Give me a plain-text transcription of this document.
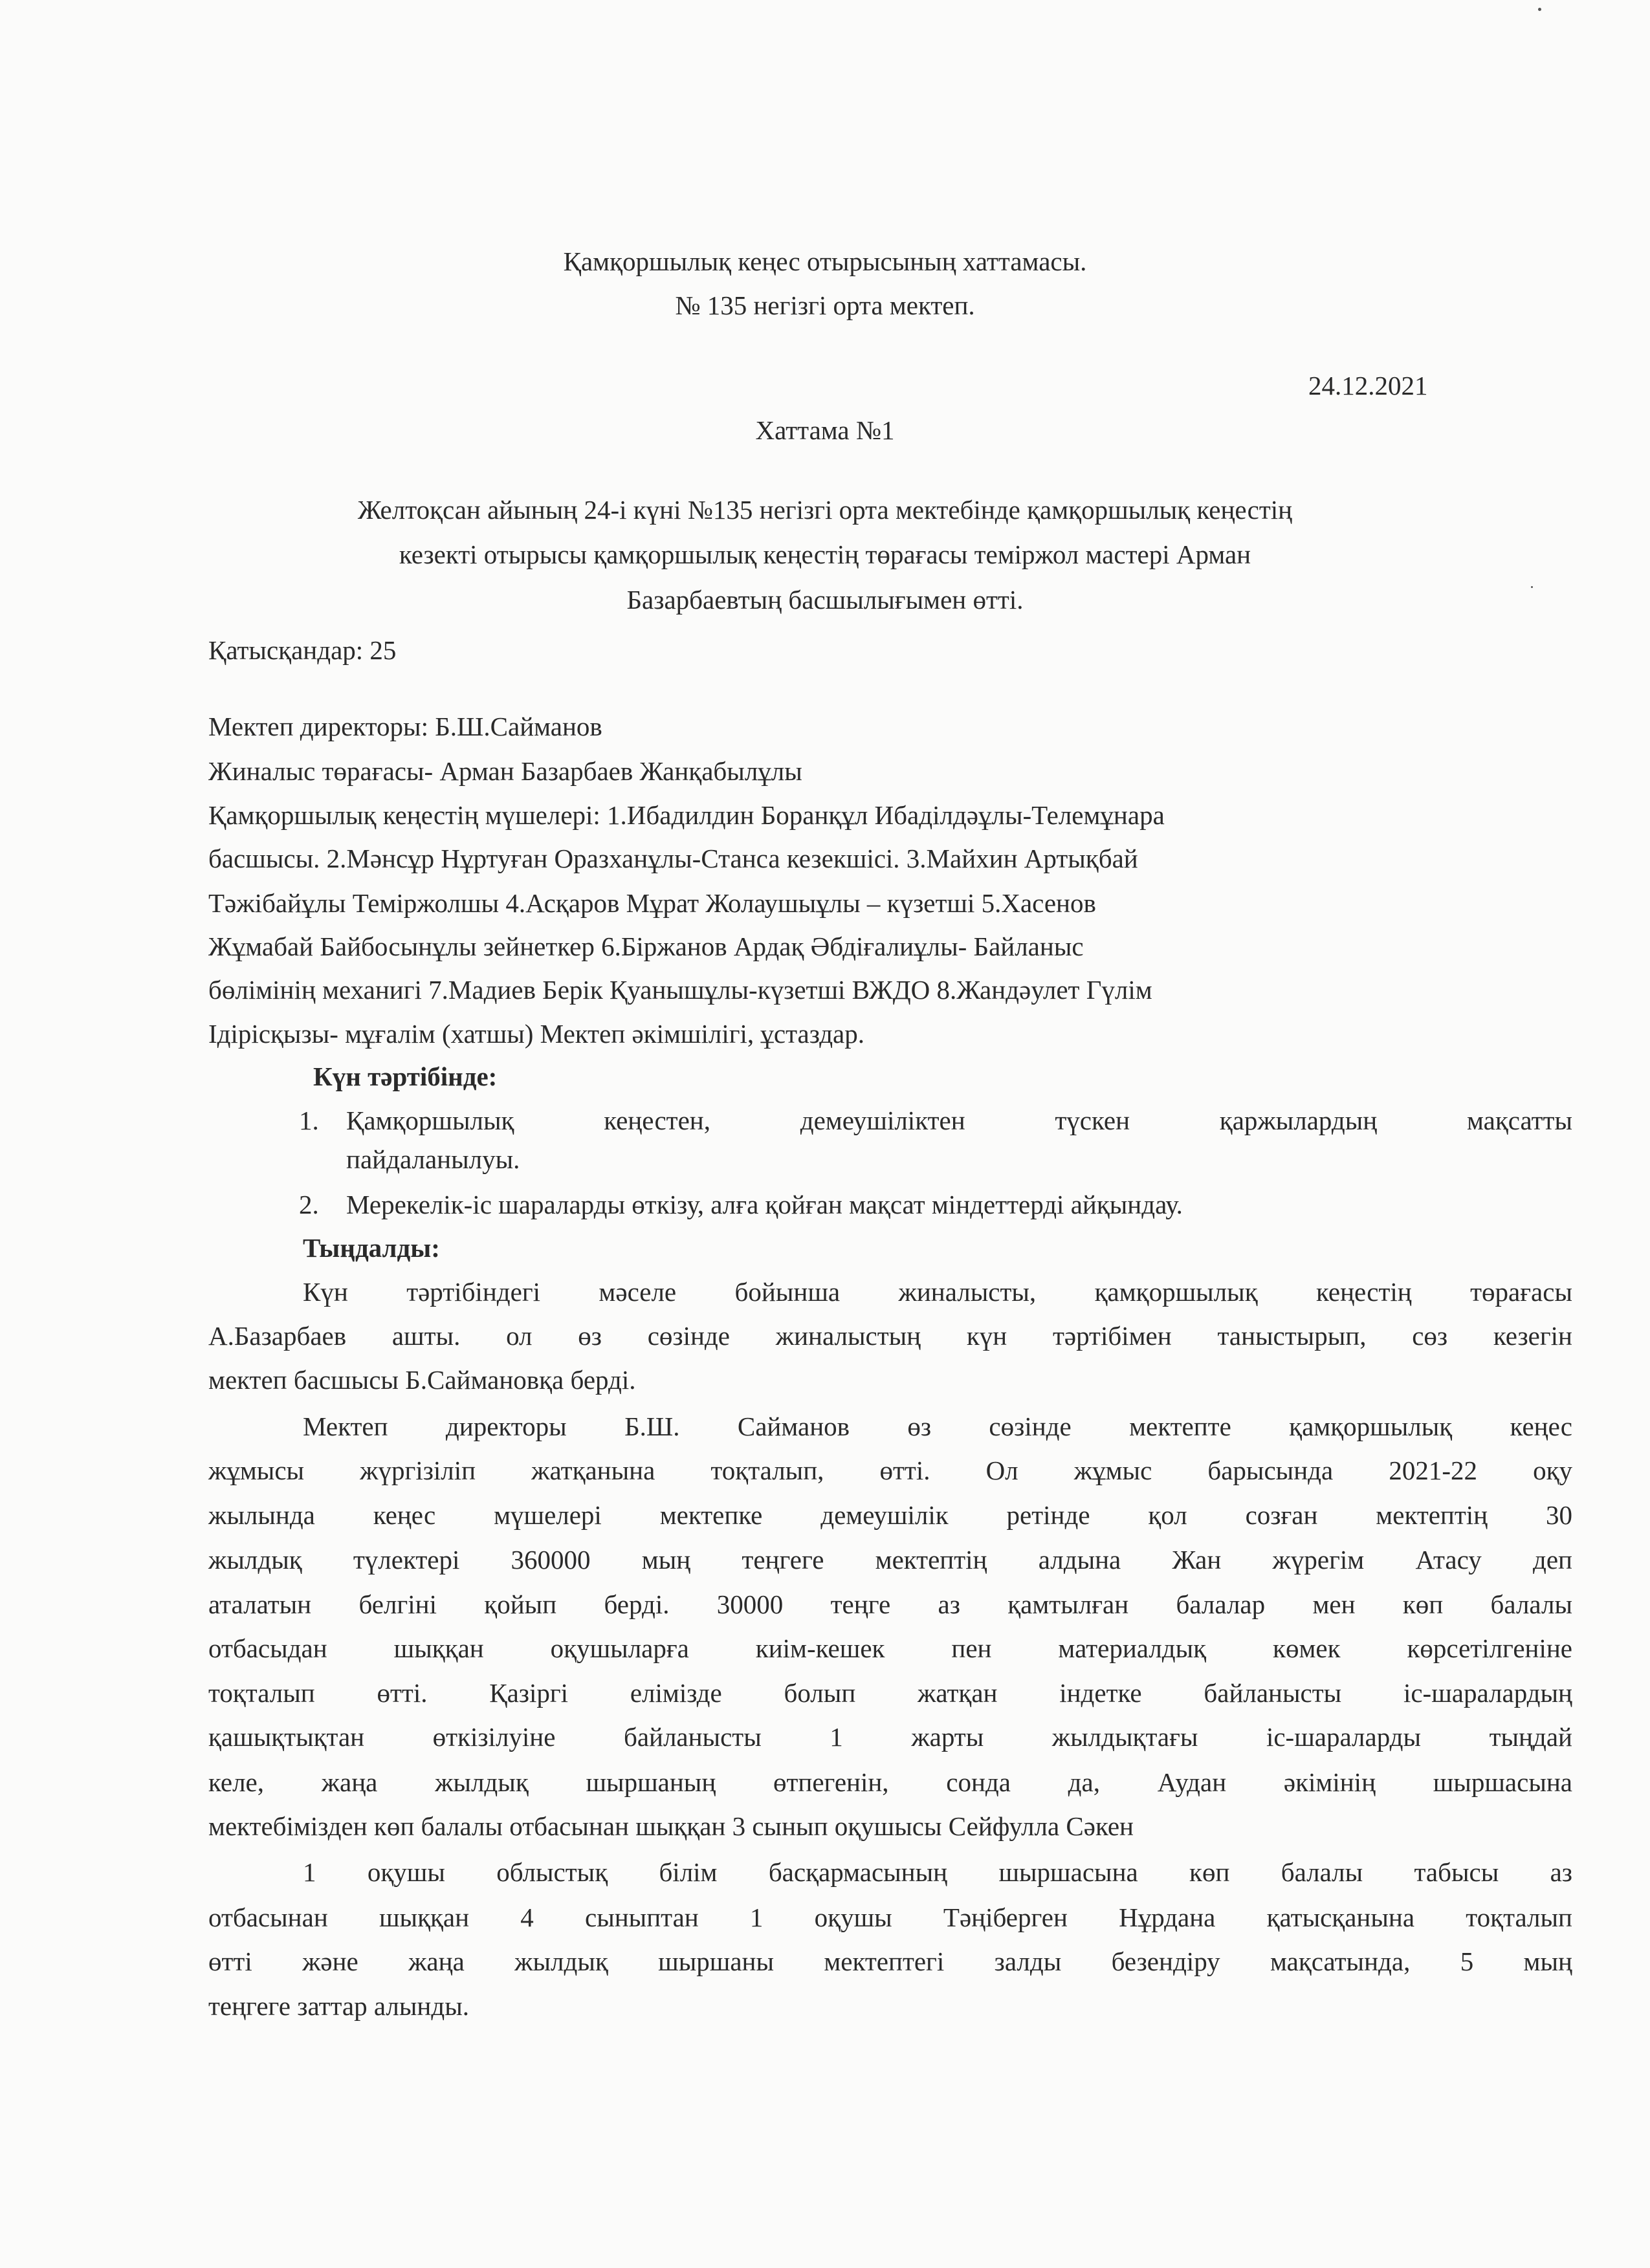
Қамқоршылық кеңес отырысының хаттамасы.
№ 135 негізгі орта мектеп.
24.12.2021
Хаттама №1
Желтоқсан айының 24-і күні №135 негізгі орта мектебінде қамқоршылық кеңестің
кезекті отырысы қамқоршылық кеңестің төрағасы теміржол мастері Арман
Базарбаевтың басшылығымен өтті.
Қатысқандар: 25
Мектеп директоры: Б.Ш.Сайманов
Жиналыс төрағасы- Арман Базарбаев Жанқабылұлы
Қамқоршылық кеңестің мүшелері: 1.Ибадилдин Боранқұл Ибаділдәұлы-Телемұнара
басшысы. 2.Мәнсұр Нұртуған Оразханұлы-Станса кезекшісі. 3.Майхин Артықбай
Тәжібайұлы Теміржолшы 4.Асқаров Мұрат Жолаушыұлы – күзетші 5.Хасенов
Жұмабай Байбосынұлы зейнеткер 6.Біржанов Ардақ Әбдіғалиұлы- Байланыс
бөлімінің механигі 7.Мадиев Берік Қуанышұлы-күзетші ВЖДО 8.Жандәулет Гүлім
Ідірісқызы- мұғалім (хатшы) Мектеп әкімшілігі, ұстаздар.
Күн тәртібінде:
1. Қамқоршылық кеңестен, демеушіліктен түскен қаржылардың мақсатты
пайдаланылуы.
2. Мерекелік-іс шараларды өткізу, алға қойған мақсат міндеттерді айқындау.
Тыңдалды:
Күн тәртібіндегі мәселе бойынша жиналысты, қамқоршылық кеңестің төрағасы
А.Базарбаев ашты. ол өз сөзінде жиналыстың күн тәртібімен таныстырып, сөз кезегін
мектеп басшысы Б.Саймановқа берді.
Мектеп директоры Б.Ш. Сайманов өз сөзінде мектепте қамқоршылық кеңес
жұмысы жүргізіліп жатқанына тоқталып, өтті. Ол жұмыс барысында 2021-22 оқу
жылында кеңес мүшелері мектепке демеушілік ретінде қол созған мектептің 30
жылдық түлектері 360000 мың теңгеге мектептің алдына Жан жүрегім Атасу деп
аталатын белгіні қойып берді. 30000 теңге аз қамтылған балалар мен көп балалы
отбасыдан шыққан оқушыларға киім-кешек пен материалдық көмек көрсетілгеніне
тоқталып өтті. Қазіргі елімізде болып жатқан індетке байланысты іс-шаралардың
қашықтықтан өткізілуіне байланысты 1 жарты жылдықтағы іс-шараларды тыңдай
келе, жаңа жылдық шыршаның өтпегенін, сонда да, Аудан әкімінің шыршасына
мектебімізден көп балалы отбасынан шыққан 3 сынып оқушысы Сейфулла Сәкен
1 оқушы облыстық білім басқармасының шыршасына көп балалы табысы аз
отбасынан шыққан 4 сыныптан 1 оқушы Тәңіберген Нұрдана қатысқанына тоқталып
өтті және жаңа жылдық шыршаны мектептегі залды безендіру мақсатында, 5 мың
теңгеге заттар алынды.
